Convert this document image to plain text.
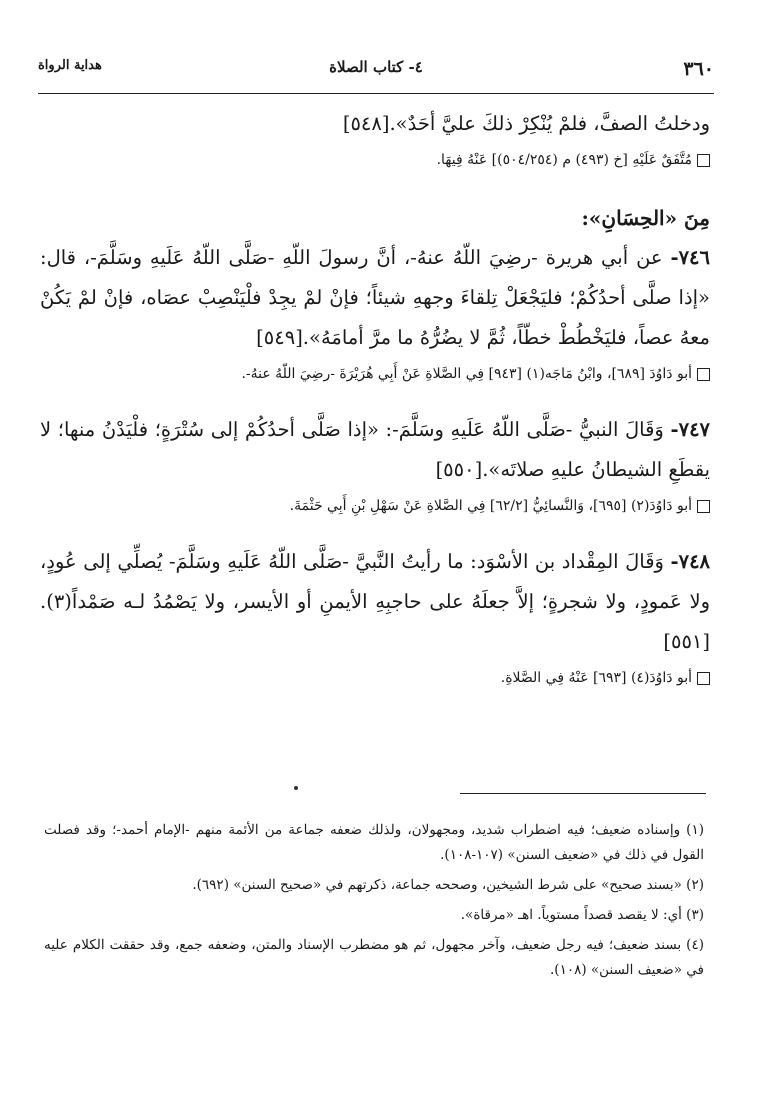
٣٦٠
٤- كتاب الصلاة
هداية الرواة

ودخلتُ الصفَّ، فلمْ يُنْكِرْ ذلكَ عليَّ أحَدٌ».[٥٤٨]

مُتَّفَقٌ عَلَيْهِ [خ (٤٩٣) م (٥٠٤/٢٥٤)] عَنْهُ فِيهَا.

مِنَ «الحِسَانِ»:

٧٤٦- عن أبي هريرة -رضِيَ اللّهُ عنهُ-، أنَّ رسولَ اللّهِ -صَلَّى اللّهُ عَلَيهِ وسَلَّمَ-، قال: «إذا صلَّى أحدُكُمْ؛ فليَجْعَلْ تِلقاءَ وجههِ شيئاً؛ فإنْ لمْ يجِدْ فلْيَنْصِبْ عصَاه، فإنْ لمْ يَكُنْ معهُ عصاً، فليَخْطُطْ خطّاً، ثُمَّ لا يضُرُّهُ ما مرَّ أمامَهُ».[٥٤٩]

أبو دَاوُدَ [٦٨٩]، وابْنُ مَاجَه(١) [٩٤٣] فِي الصَّلاةِ عَنْ أَبِي هُرَيْرَةَ -رضِيَ اللّهُ عنهُ-.

٧٤٧- وَقَالَ النبيُّ -صَلَّى اللّهُ عَلَيهِ وسَلَّمَ-: «إذا صَلَّى أحدُكُمْ إلى سُتْرَةٍ؛ فلْيَدْنُ منها؛ لا يقطَعِ الشيطانُ عليهِ صلاتَه».[٥٥٠]

أبو دَاوُدَ(٢) [٦٩٥]، وَالنَّسائِيُّ [٦٢/٢] فِي الصَّلاةِ عَنْ سَهْلِ بْنِ أَبِي حَثْمَةَ.

٧٤٨- وَقَالَ المِقْداد بن الأسْوَد: ما رأيتُ النَّبيَّ -صَلَّى اللّهُ عَلَيهِ وسَلَّمَ- يُصلِّي إلى عُودٍ، ولا عَمودٍ، ولا شجرةٍ؛ إلاَّ جعلَهُ على حاجبِهِ الأيمنِ أو الأيسر، ولا يَصْمُدُ لـه صَمْداً(٣).[٥٥١]

أبو دَاوُدَ(٤) [٦٩٣] عَنْهُ فِي الصَّلاةِ.

(١) وإسناده ضعيف؛ فيه اضطراب شديد، ومجهولان، ولذلك ضعفه جماعة من الأئمة منهم -الإمام أحمد-؛ وقد فصلت القول في ذلك في «ضعيف السنن» (١٠٧-١٠٨).

(٢) «بسند صحيح» على شرط الشيخين، وصححه جماعة، ذكرتهم في «صحيح السنن» (٦٩٢).

(٣) أي: لا يقصد قصداً مستوياً. اهـ «مرقاة».

(٤) بسند ضعيف؛ فيه رجل ضعيف، وآخر مجهول، ثم هو مضطرب الإسناد والمتن، وضعفه جمع، وقد حققت الكلام عليه في «ضعيف السنن» (١٠٨).
